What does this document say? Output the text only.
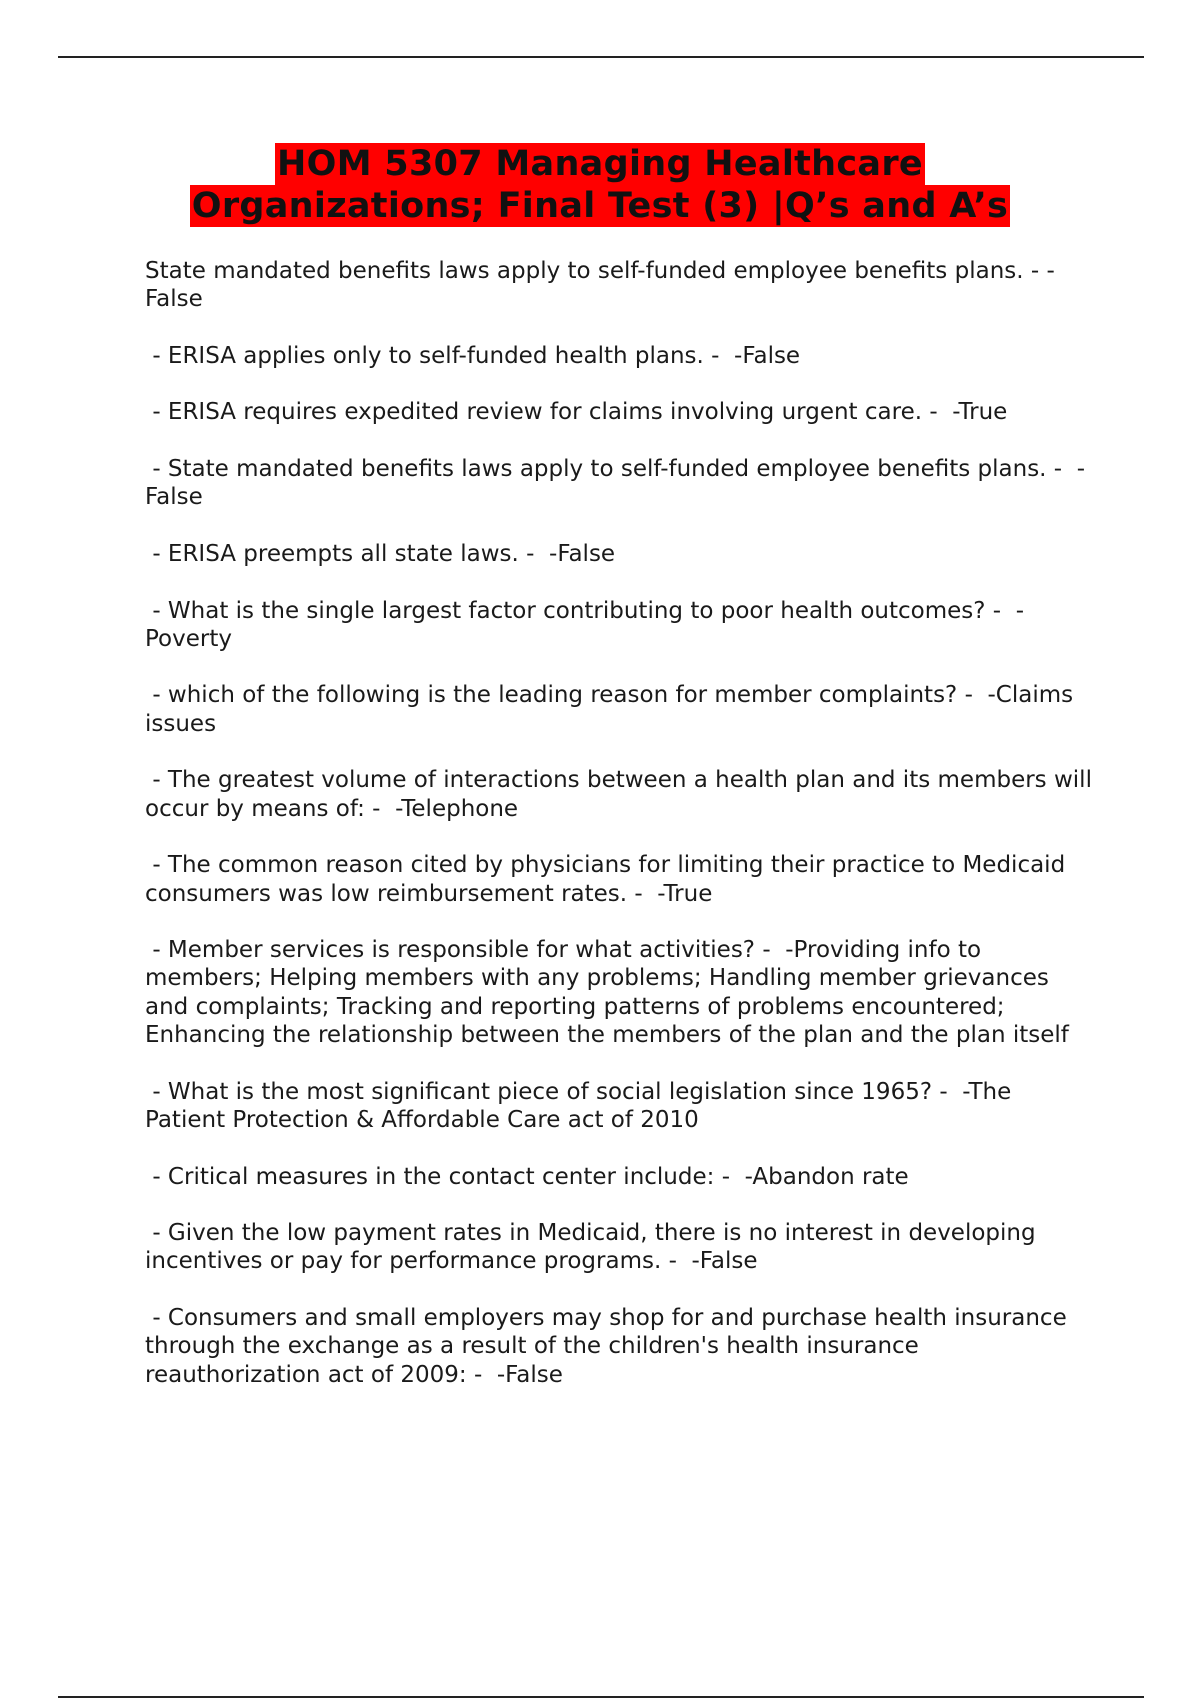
HOM 5307 Managing Healthcare
Organizations; Final Test (3) |Q’s and A’s
State mandated benefits laws apply to self-funded employee benefits plans. - -False
- ERISA applies only to self-funded health plans. -  -False
- ERISA requires expedited review for claims involving urgent care. -  -True
- State mandated benefits laws apply to self-funded employee benefits plans. -  -False
- ERISA preempts all state laws. -  -False
- What is the single largest factor contributing to poor health outcomes? -  -Poverty
- which of the following is the leading reason for member complaints? -  -Claims issues
- The greatest volume of interactions between a health plan and its members will occur by means of: -  -Telephone
- The common reason cited by physicians for limiting their practice to Medicaid consumers was low reimbursement rates. -  -True
- Member services is responsible for what activities? -  -Providing info to members; Helping members with any problems; Handling member grievances and complaints; Tracking and reporting patterns of problems encountered; Enhancing the relationship between the members of the plan and the plan itself
- What is the most significant piece of social legislation since 1965? -  -The Patient Protection & Affordable Care act of 2010
- Critical measures in the contact center include: -  -Abandon rate
- Given the low payment rates in Medicaid, there is no interest in developing incentives or pay for performance programs. -  -False
- Consumers and small employers may shop for and purchase health insurance through the exchange as a result of the children's health insurance reauthorization act of 2009: -  -False
